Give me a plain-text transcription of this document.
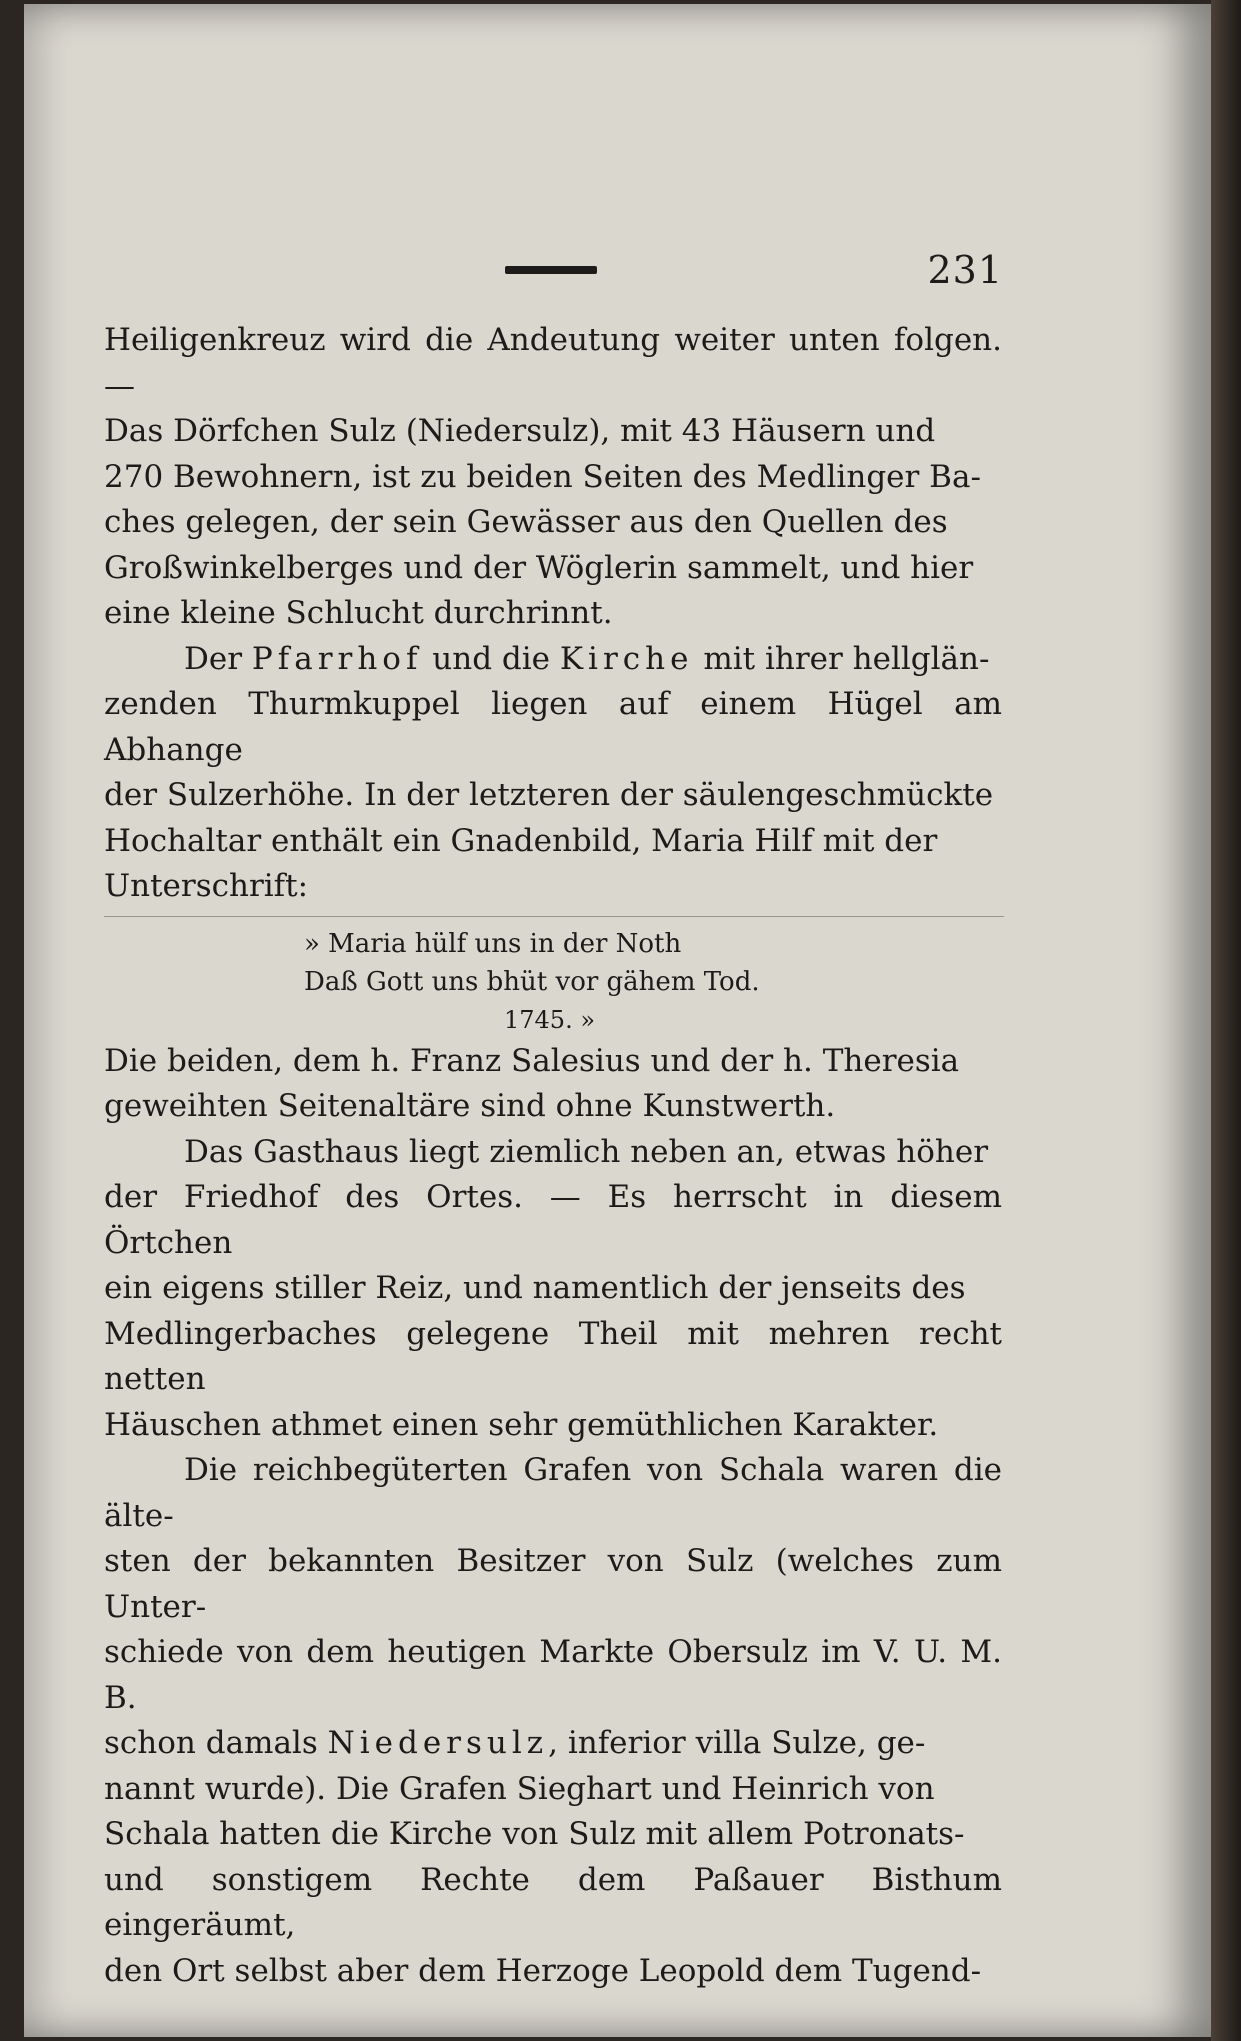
231

Heiligenkreuz wird die Andeutung weiter unten folgen. —
Das Dörfchen Sulz (Niedersulz), mit 43 Häusern und
270 Bewohnern, ist zu beiden Seiten des Medlinger Ba-
ches gelegen, der sein Gewässer aus den Quellen des
Großwinkelberges und der Wöglerin sammelt, und hier
eine kleine Schlucht durchrinnt.

Der Pfarrhof und die Kirche mit ihrer hellglän-
zenden Thurmkuppel liegen auf einem Hügel am Abhange
der Sulzerhöhe. In der letzteren der säulengeschmückte
Hochaltar enthält ein Gnadenbild, Maria Hilf mit der
Unterschrift:

» Maria hülf uns in der Noth
Daß Gott uns bhüt vor gähem Tod.
1745. »

Die beiden, dem h. Franz Salesius und der h. Theresia
geweihten Seitenaltäre sind ohne Kunstwerth.

Das Gasthaus liegt ziemlich neben an, etwas höher
der Friedhof des Ortes. — Es herrscht in diesem Örtchen
ein eigens stiller Reiz, und namentlich der jenseits des
Medlingerbaches gelegene Theil mit mehren recht netten
Häuschen athmet einen sehr gemüthlichen Karakter.

Die reichbegüterten Grafen von Schala waren die älte-
sten der bekannten Besitzer von Sulz (welches zum Unter-
schiede von dem heutigen Markte Obersulz im V. U. M. B.
schon damals Niedersulz, inferior villa Sulze, ge-
nannt wurde). Die Grafen Sieghart und Heinrich von
Schala hatten die Kirche von Sulz mit allem Potronats-
und sonstigem Rechte dem Paßauer Bisthum eingeräumt,
den Ort selbst aber dem Herzoge Leopold dem Tugend-
